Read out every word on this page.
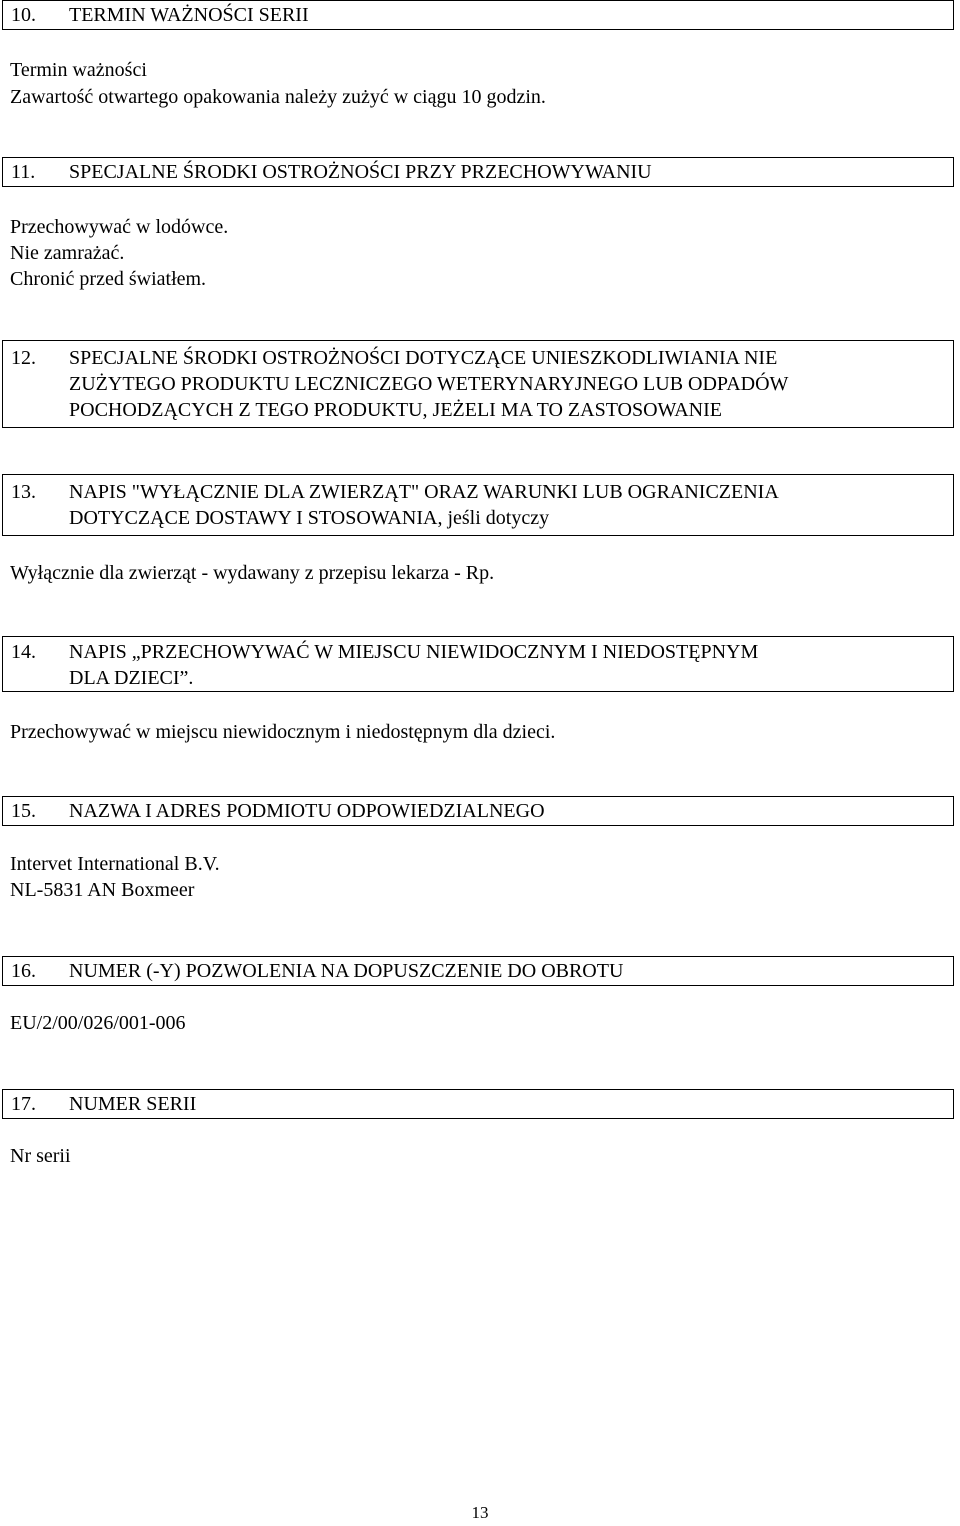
10.	TERMIN WAŻNOŚCI SERII
Termin ważności
Zawartość otwartego opakowania należy zużyć w ciągu 10 godzin.
11.	SPECJALNE ŚRODKI OSTROŻNOŚCI PRZY PRZECHOWYWANIU
Przechowywać w lodówce.
Nie zamrażać.
Chronić przed światłem.
12.	SPECJALNE ŚRODKI OSTROŻNOŚCI DOTYCZĄCE UNIESZKODLIWIANIA NIE
ZUŻYTEGO PRODUKTU LECZNICZEGO WETERYNARYJNEGO LUB ODPADÓW
POCHODZĄCYCH Z TEGO PRODUKTU, JEŻELI MA TO ZASTOSOWANIE
13.	NAPIS "WYŁĄCZNIE DLA ZWIERZĄT" ORAZ WARUNKI LUB OGRANICZENIA
DOTYCZĄCE DOSTAWY I STOSOWANIA, jeśli dotyczy
Wyłącznie dla zwierząt - wydawany z przepisu lekarza - Rp.
14.	NAPIS „PRZECHOWYWAĆ W MIEJSCU NIEWIDOCZNYM I NIEDOSTĘPNYM
DLA DZIECI”.
Przechowywać w miejscu niewidocznym i niedostępnym dla dzieci.
15.	NAZWA I ADRES PODMIOTU ODPOWIEDZIALNEGO
Intervet International B.V.
NL-5831 AN Boxmeer
16.	NUMER (-Y) POZWOLENIA NA DOPUSZCZENIE DO OBROTU
EU/2/00/026/001-006
17.	NUMER SERII
Nr serii
13
